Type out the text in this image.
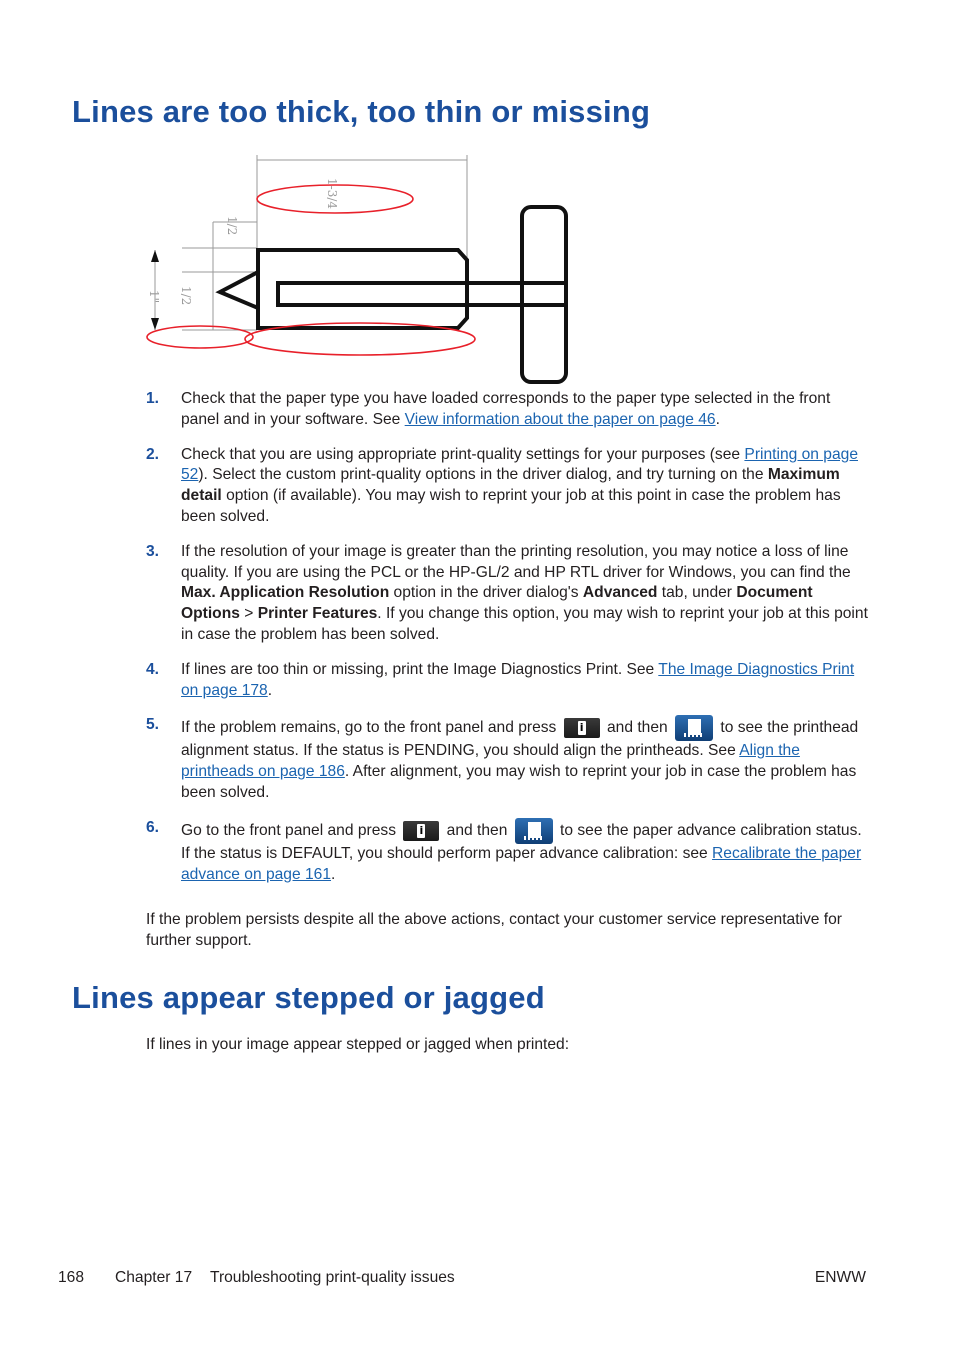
Lines are too thick, too thin or missing
1-3/4
1/2
1/2
1"
1. Check that the paper type you have loaded corresponds to the paper type selected in the front panel and in your software. See View information about the paper on page 46.
2. Check that you are using appropriate print-quality settings for your purposes (see Printing on page 52). Select the custom print-quality options in the driver dialog, and try turning on the Maximum detail option (if available). You may wish to reprint your job at this point in case the problem has been solved.
3. If the resolution of your image is greater than the printing resolution, you may notice a loss of line quality. If you are using the PCL or the HP-GL/2 and HP RTL driver for Windows, you can find the Max. Application Resolution option in the driver dialog's Advanced tab, under Document Options > Printer Features. If you change this option, you may wish to reprint your job at this point in case the problem has been solved.
4. If lines are too thin or missing, print the Image Diagnostics Print. See The Image Diagnostics Print on page 178.
5. If the problem remains, go to the front panel and press i and then	to see the printhead alignment status. If the status is PENDING, you should align the printheads. See Align the printheads on page 186. After alignment, you may wish to reprint your job in case the problem has been solved.
6. Go to the front panel and press i and then	to see the paper advance calibration status. If the status is DEFAULT, you should perform paper advance calibration: see Recalibrate the paper advance on page 161.

If the problem persists despite all the above actions, contact your customer service representative for further support.

Lines appear stepped or jagged

If lines in your image appear stepped or jagged when printed:

168 Chapter 17 Troubleshooting print-quality issues	ENWW
